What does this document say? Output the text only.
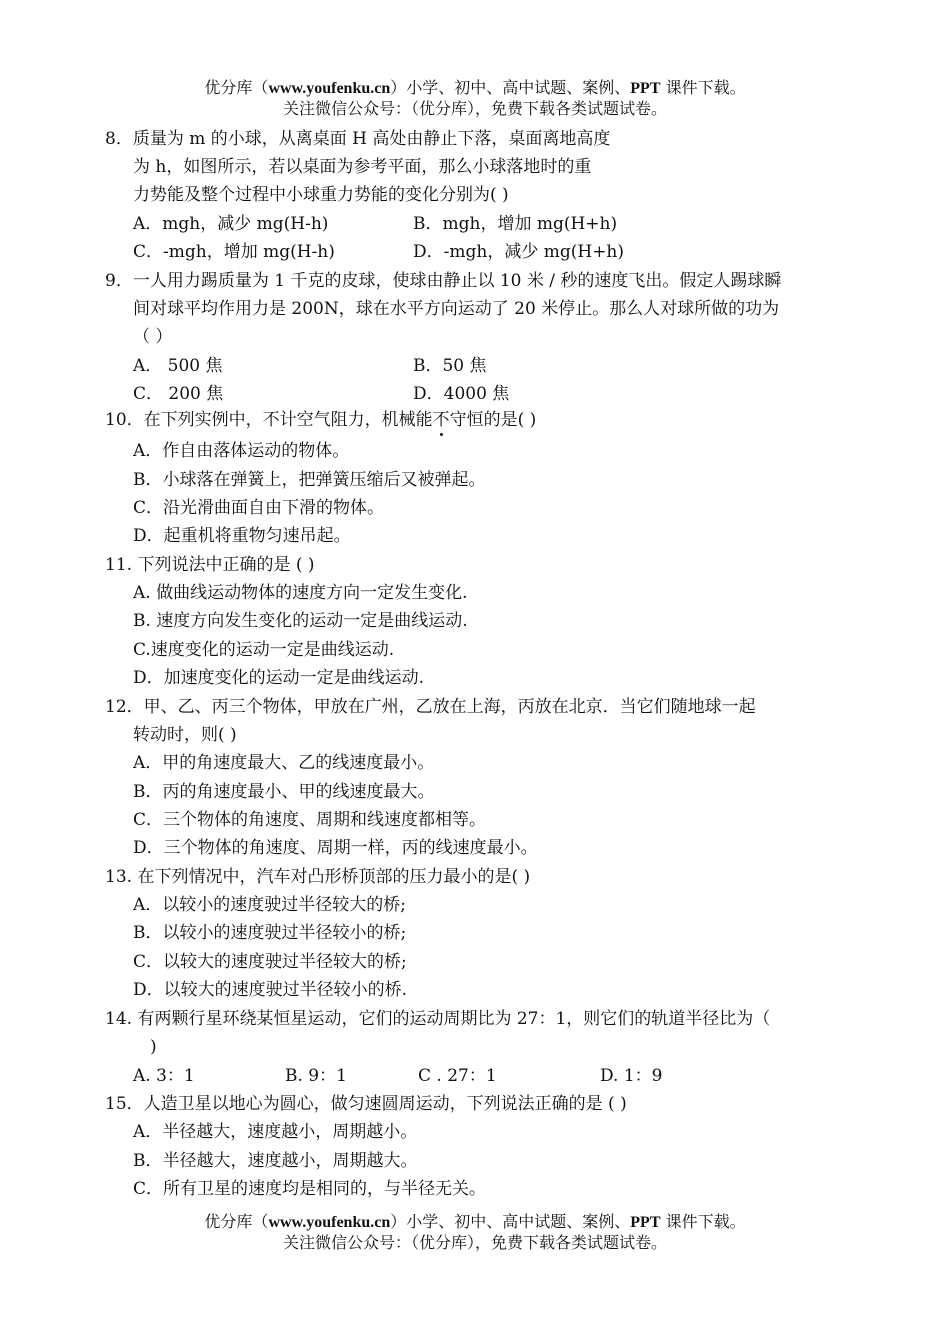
优分库（www.youfenku.cn）小学、初中、高中试题、案例、PPT 课件下载。
关注微信公众号：（优分库），免费下载各类试题试卷。
8．质量为 m 的小球，从离桌面 H 高处由静止下落，桌面离地高度
为 h，如图所示，若以桌面为参考平面，那么小球落地时的重
力势能及整个过程中小球重力势能的变化分别为( )
A．mgh，减少 mg(H-h)	B．mgh，增加 mg(H+h)
C．-mgh，增加 mg(H-h)	D．-mgh，减少 mg(H+h)
9．一人用力踢质量为 1 千克的皮球，使球由静止以 10 米 / 秒的速度飞出。假定人踢球瞬
间对球平均作用力是 200N，球在水平方向运动了 20 米停止。那么人对球所做的功为
（ ）
A． 500 焦	B．50 焦
C． 200 焦	D．4000 焦
10．在下列实例中，不计空气阻力，机械能不守恒的是( )
A．作自由落体运动的物体。
B．小球落在弹簧上，把弹簧压缩后又被弹起。
C．沿光滑曲面自由下滑的物体。
D．起重机将重物匀速吊起。
11. 下列说法中正确的是 ( )
A. 做曲线运动物体的速度方向一定发生变化.
B. 速度方向发生变化的运动一定是曲线运动.
C.速度变化的运动一定是曲线运动.
D．加速度变化的运动一定是曲线运动.
12．甲、乙、丙三个物体，甲放在广州，乙放在上海，丙放在北京．当它们随地球一起
转动时，则( )
A．甲的角速度最大、乙的线速度最小。
B．丙的角速度最小、甲的线速度最大。
C．三个物体的角速度、周期和线速度都相等。
D．三个物体的角速度、周期一样，丙的线速度最小。
13. 在下列情况中，汽车对凸形桥顶部的压力最小的是( )
A．以较小的速度驶过半径较大的桥;
B．以较小的速度驶过半径较小的桥;
C．以较大的速度驶过半径较大的桥;
D．以较大的速度驶过半径较小的桥.
14. 有两颗行星环绕某恒星运动，它们的运动周期比为 27：1，则它们的轨道半径比为（
)
A. 3：1	B. 9：1	C . 27：1	D. 1：9
15．人造卫星以地心为圆心，做匀速圆周运动，下列说法正确的是 ( )
A．半径越大，速度越小，周期越小。
B．半径越大，速度越小，周期越大。
C．所有卫星的速度均是相同的，与半径无关。
优分库（www.youfenku.cn）小学、初中、高中试题、案例、PPT 课件下载。
关注微信公众号：（优分库），免费下载各类试题试卷。
